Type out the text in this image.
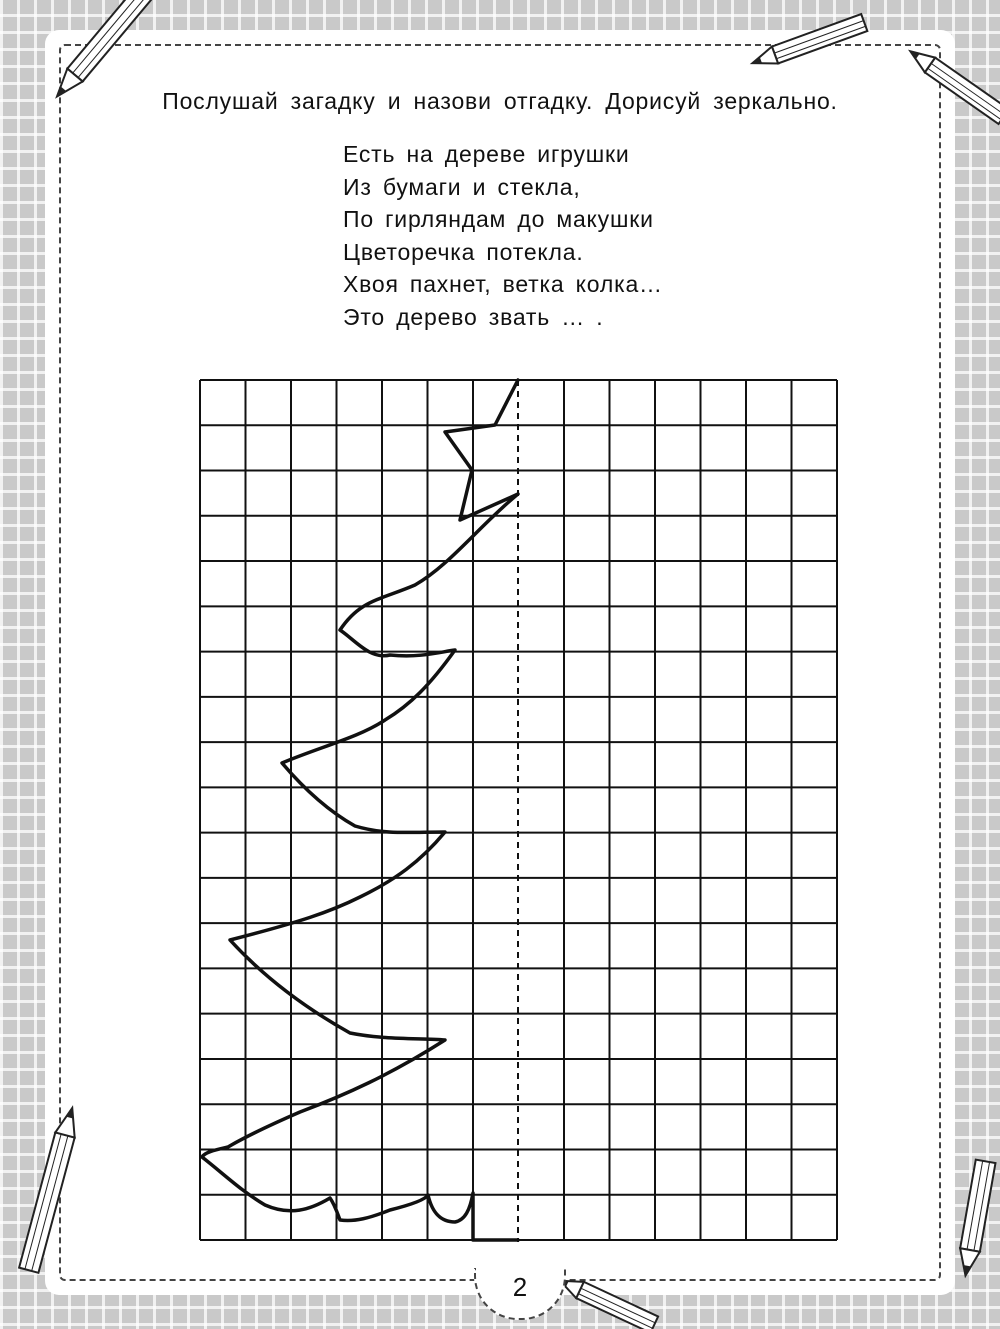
Послушай загадку и назови отгадку. Дорисуй зеркально.
Есть на дереве игрушки
Из бумаги и стекла,
По гирляндам до макушки
Цветоречка потекла.
Хвоя пахнет, ветка колка…
Это дерево звать … .
2
